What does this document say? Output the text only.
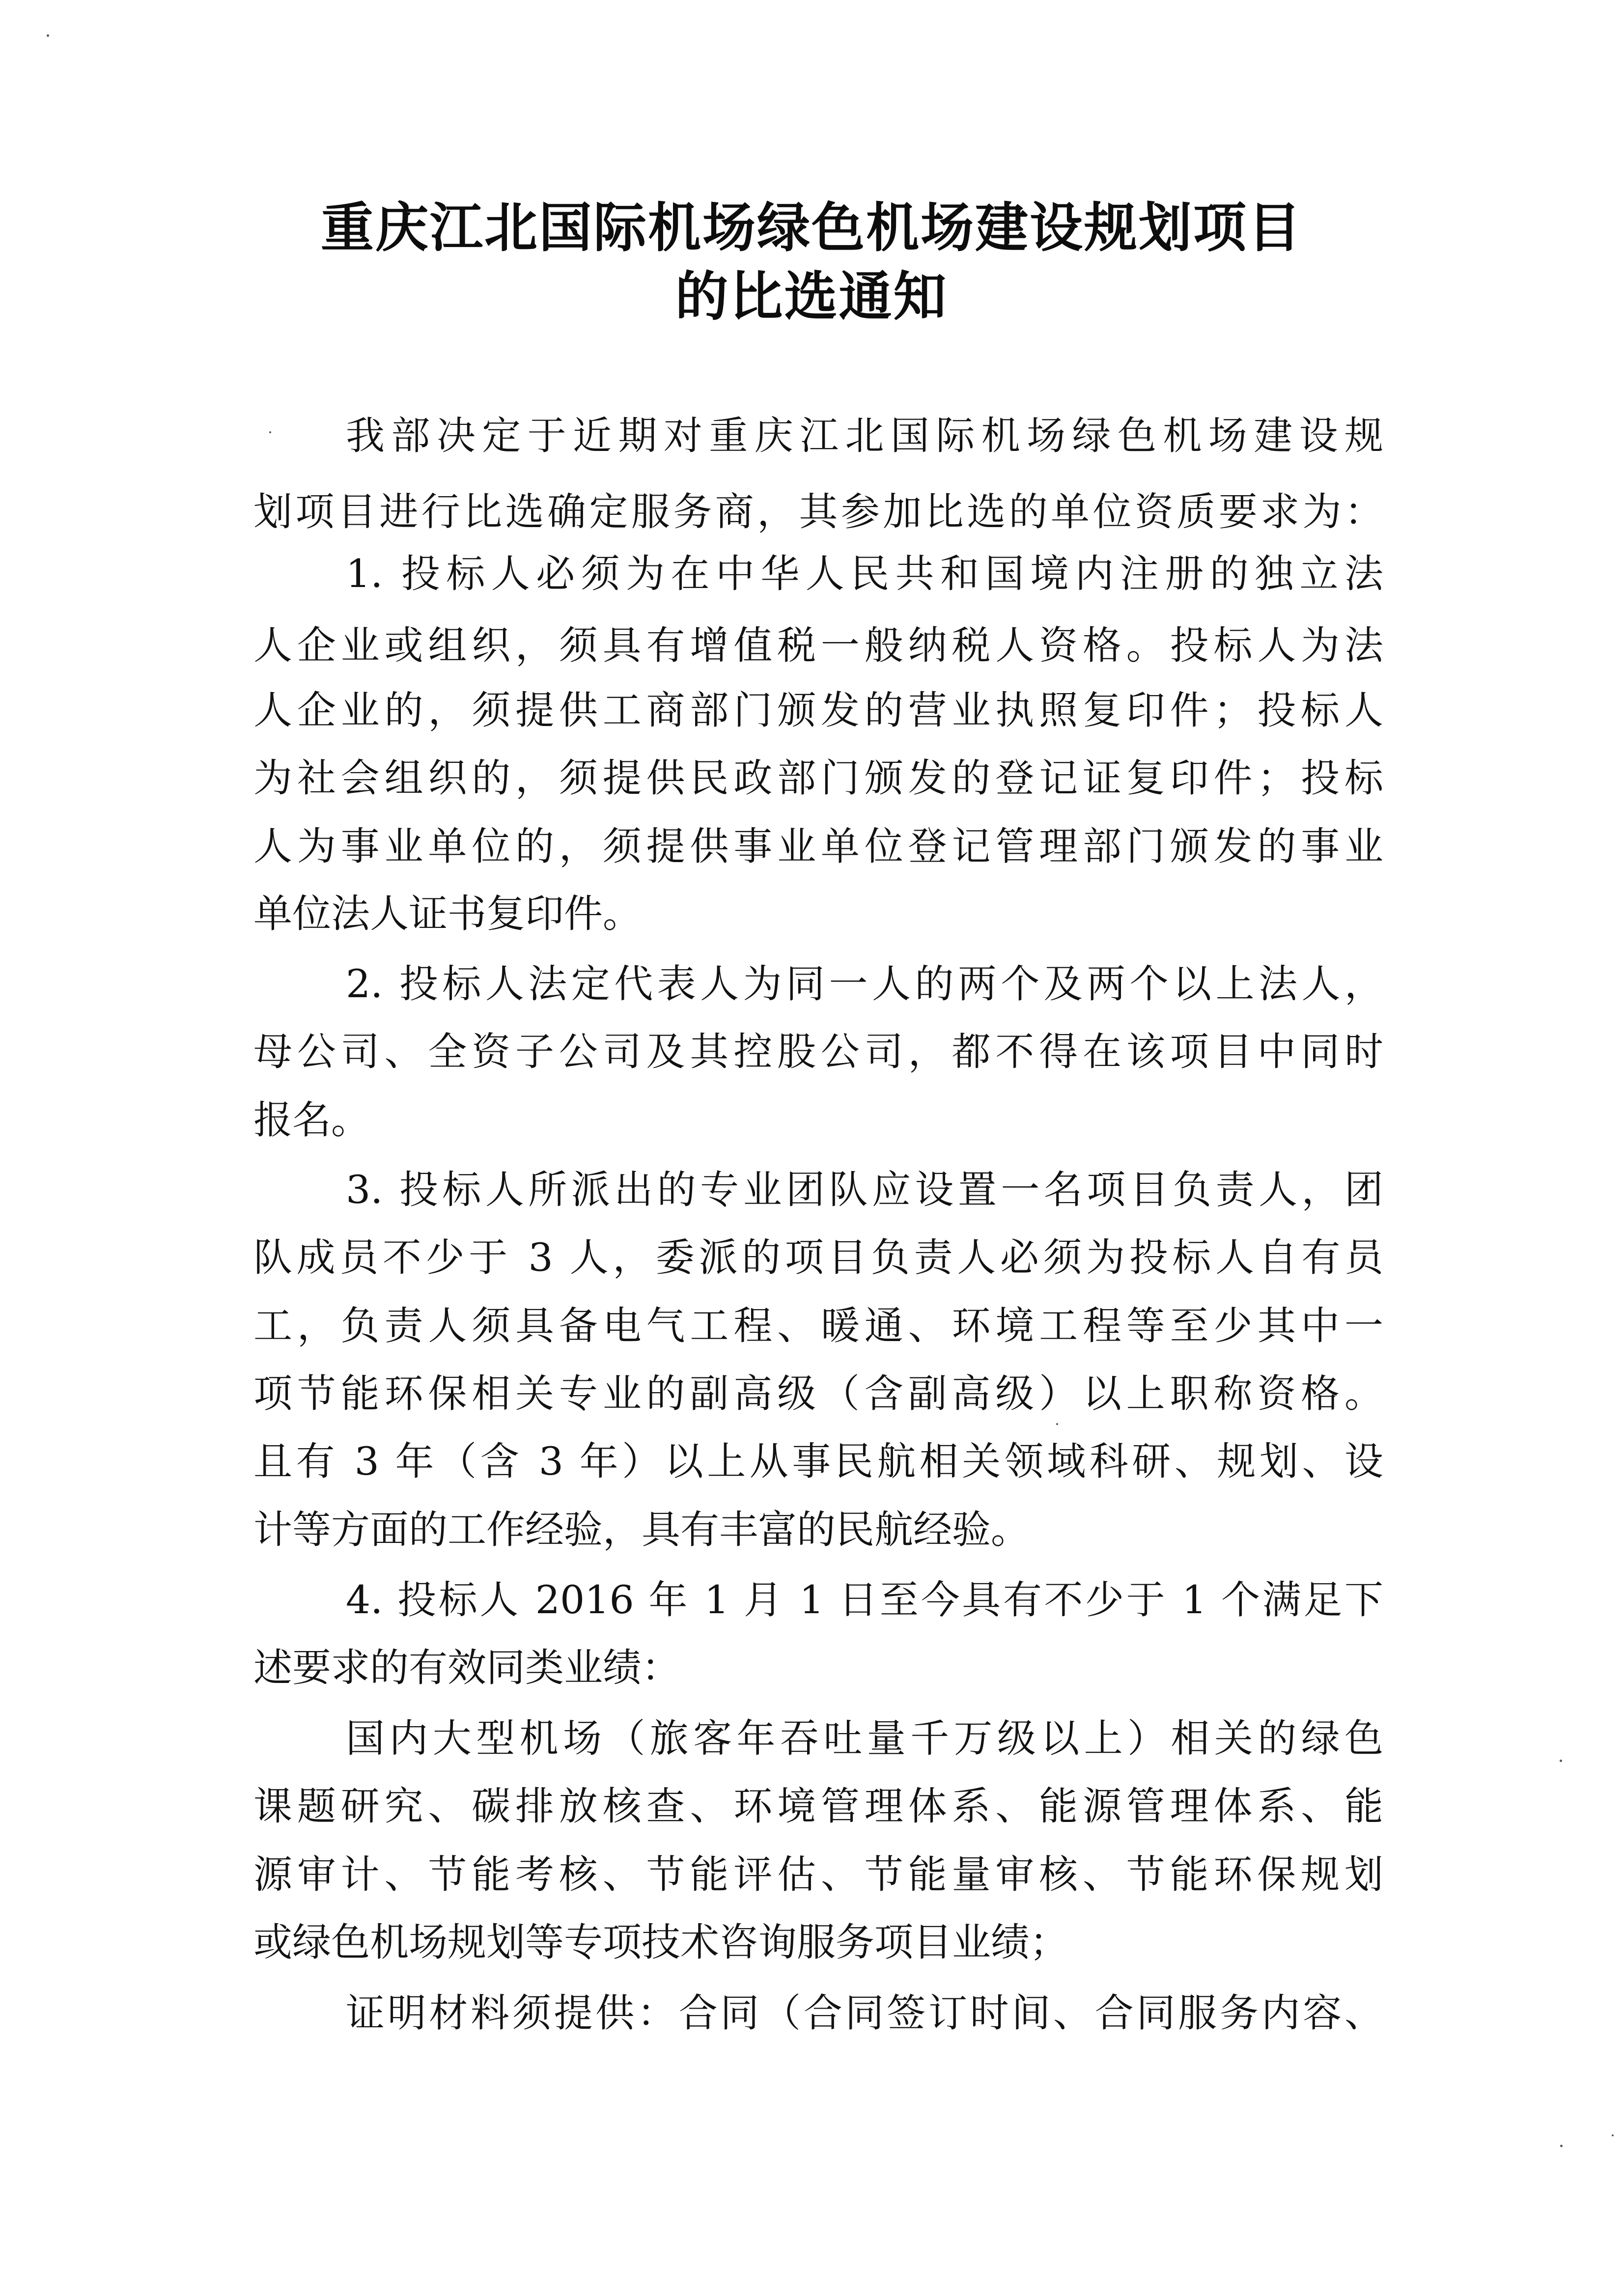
重庆江北国际机场绿色机场建设规划项目
的比选通知
我部决定于近期对重庆江北国际机场绿色机场建设规
划项目进行比选确定服务商，其参加比选的单位资质要求为：
1. 投标人必须为在中华人民共和国境内注册的独立法
人企业或组织，须具有增值税一般纳税人资格。投标人为法
人企业的，须提供工商部门颁发的营业执照复印件；投标人
为社会组织的，须提供民政部门颁发的登记证复印件；投标
人为事业单位的，须提供事业单位登记管理部门颁发的事业
单位法人证书复印件。
2. 投标人法定代表人为同一人的两个及两个以上法人，
母公司、全资子公司及其控股公司，都不得在该项目中同时
报名。
3. 投标人所派出的专业团队应设置一名项目负责人，团
队成员不少于 3 人，委派的项目负责人必须为投标人自有员
工，负责人须具备电气工程、暖通、环境工程等至少其中一
项节能环保相关专业的副高级（含副高级）以上职称资格。
且有 3 年（含 3 年）以上从事民航相关领域科研、规划、设
计等方面的工作经验，具有丰富的民航经验。
4. 投标人 2016 年 1 月 1 日至今具有不少于 1 个满足下
述要求的有效同类业绩：
国内大型机场（旅客年吞吐量千万级以上）相关的绿色
课题研究、碳排放核查、环境管理体系、能源管理体系、能
源审计、节能考核、节能评估、节能量审核、节能环保规划
或绿色机场规划等专项技术咨询服务项目业绩；
证明材料须提供：合同（合同签订时间、合同服务内容、
